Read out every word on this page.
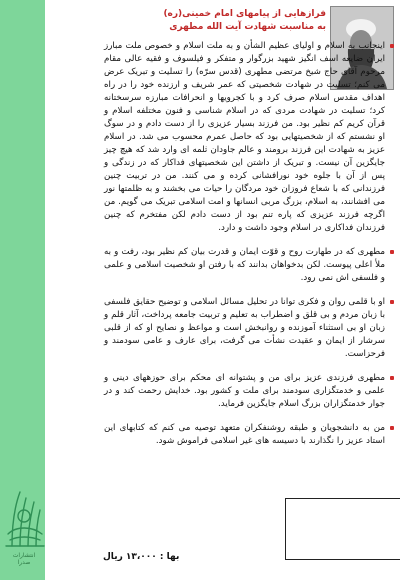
انتشارات
صدرا
فرازهایی از پیامهای امام خمینی(ره)
به مناسبت شهادت آیت الله مطهری

اینجانب به اسلام و اولیای عظیم الشأن و به ملت اسلام و خصوص ملت مبارز ایران ضایعه اسف انگیز شهید بزرگوار و متفکر و فیلسوف و فقیه عالی مقام مرحوم آقای حاج شیخ مرتضی مطهری (قدس سرّه) را تسلیت و تبریک عرض می کنم؛ تسلیت در شهادت شخصیتی که عمر شریف و ارزنده خود را در راه اهداف مقدس اسلام صرف کرد و با کجرویها و انحرافات مبارزه سرسختانه کرد؛ تسلیت در شهادت مردی که در اسلام شناسی و فنون مختلفه اسلام و قرآن کریم کم نظیر بود. من فرزند بسیار عزیزی را از دست دادم و در سوگ او نشستم که از شخصیتهایی بود که حاصل عمرم محسوب می شد. در اسلام عزیز به شهادت این فرزند برومند و عالم جاودان ثلمه ای وارد شد که هیچ چیز جایگزین آن نیست. و تبریک از داشتن این شخصیتهای فداکار که در زندگی و پس از آن با جلوه خود نورافشانی کرده و می کنند. من در تربیت چنین فرزندانی که با شعاع فروزان خود مردگان را حیات می بخشند و به ظلمتها نور می افشانند، به اسلام، بزرگ مربی انسانها و امت اسلامی تبریک می گویم. من اگرچه فرزند عزیزی که پاره تنم بود از دست دادم لکن مفتخرم که چنین فرزندان فداکاری در اسلام وجود داشت و دارد.

مطهری که در طهارت روح و قوّت ایمان و قدرت بیان کم نظیر بود، رفت و به ملأ اعلی پیوست. لکن بدخواهان بدانند که با رفتن او شخصیت اسلامی و علمی و فلسفی اش نمی رود.

او با قلمی روان و فکری توانا در تحلیل مسائل اسلامی و توضیح حقایق فلسفی با زبان مردم و بی قلق و اضطراب به تعلیم و تربیت جامعه پرداخت، آثار قلم و زبان او بی استثناء آموزنده و روانبخش است و مواعظ و نصایح او که از قلبی سرشار از ایمان و عقیدت نشأت می گرفت، برای عارف و عامی سودمند و فرحزاست.

مطهری فرزندی عزیز برای من و پشتوانه ای محکم برای حوزههای دینی و علمی و خدمتگزاری سودمند برای ملت و کشور بود. خدایش رحمت کند و در جوار خدمتگزاران بزرگ اسلام جایگزین فرماید.

من به دانشجویان و طبقه روشنفکران متعهد توصیه می کنم که کتابهای این استاد عزیز را نگذارند با دسیسه های غیر اسلامی فراموش شود.

بها : ۱۳،۰۰۰ ریال
